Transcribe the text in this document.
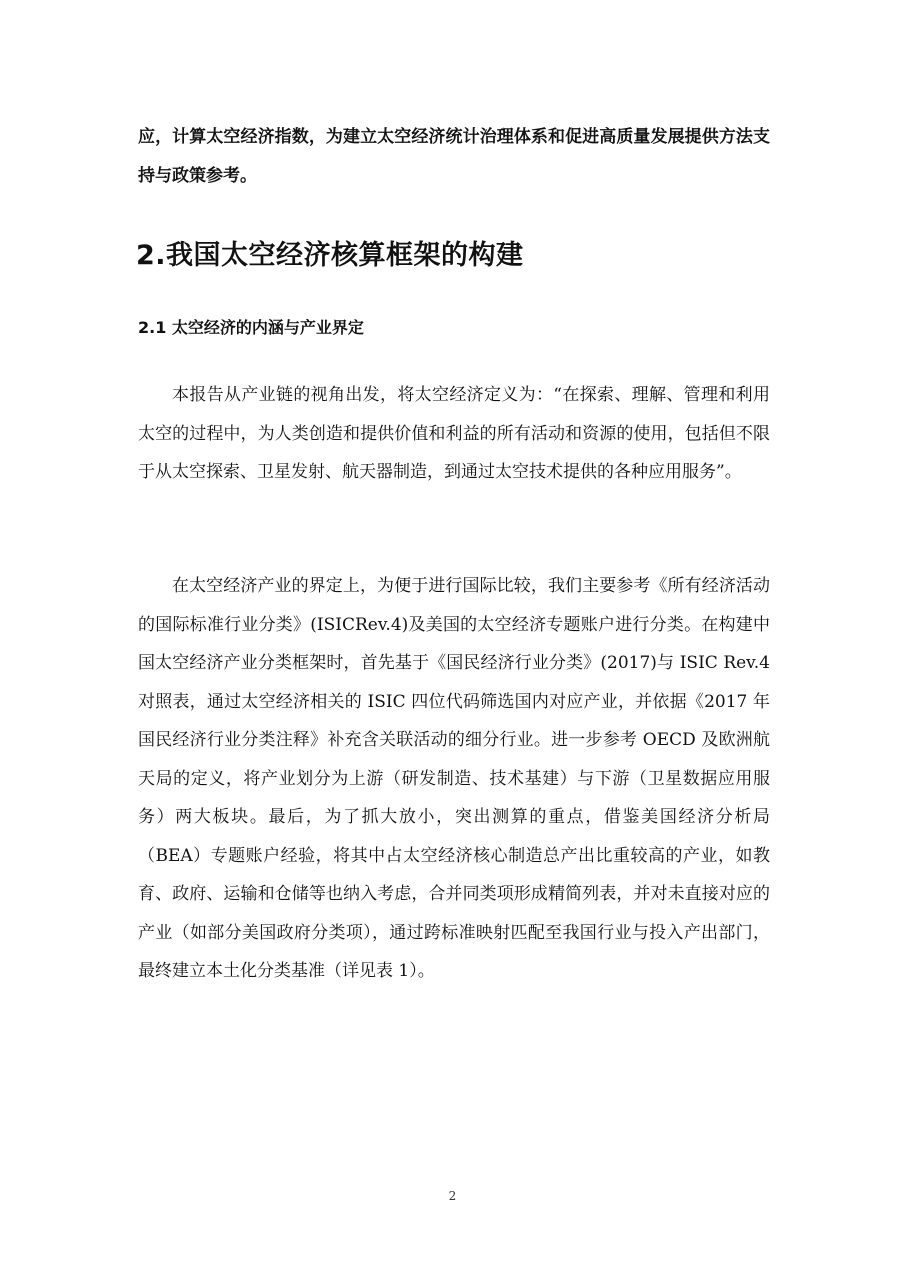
应，计算太空经济指数，为建立太空经济统计治理体系和促进高质量发展提供方法支持与政策参考。

2.我国太空经济核算框架的构建
2.1 太空经济的内涵与产业界定

本报告从产业链的视角出发，将太空经济定义为：“在探索、理解、管理和利用太空的过程中，为人类创造和提供价值和利益的所有活动和资源的使用，包括但不限于从太空探索、卫星发射、航天器制造，到通过太空技术提供的各种应用服务”。

在太空经济产业的界定上，为便于进行国际比较，我们主要参考《所有经济活动的国际标准行业分类》(ISICRev.4)及美国的太空经济专题账户进行分类。在构建中国太空经济产业分类框架时，首先基于《国民经济行业分类》(2017)与 ISIC Rev.4 对照表，通过太空经济相关的 ISIC 四位代码筛选国内对应产业，并依据《2017 年国民经济行业分类注释》补充含关联活动的细分行业。进一步参考 OECD 及欧洲航天局的定义，将产业划分为上游（研发制造、技术基建）与下游（卫星数据应用服务）两大板块。最后，为了抓大放小，突出测算的重点，借鉴美国经济分析局（BEA）专题账户经验，将其中占太空经济核心制造总产出比重较高的产业，如教育、政府、运输和仓储等也纳入考虑，合并同类项形成精简列表，并对未直接对应的产业（如部分美国政府分类项），通过跨标准映射匹配至我国行业与投入产出部门，最终建立本土化分类基准（详见表 1）。

2
